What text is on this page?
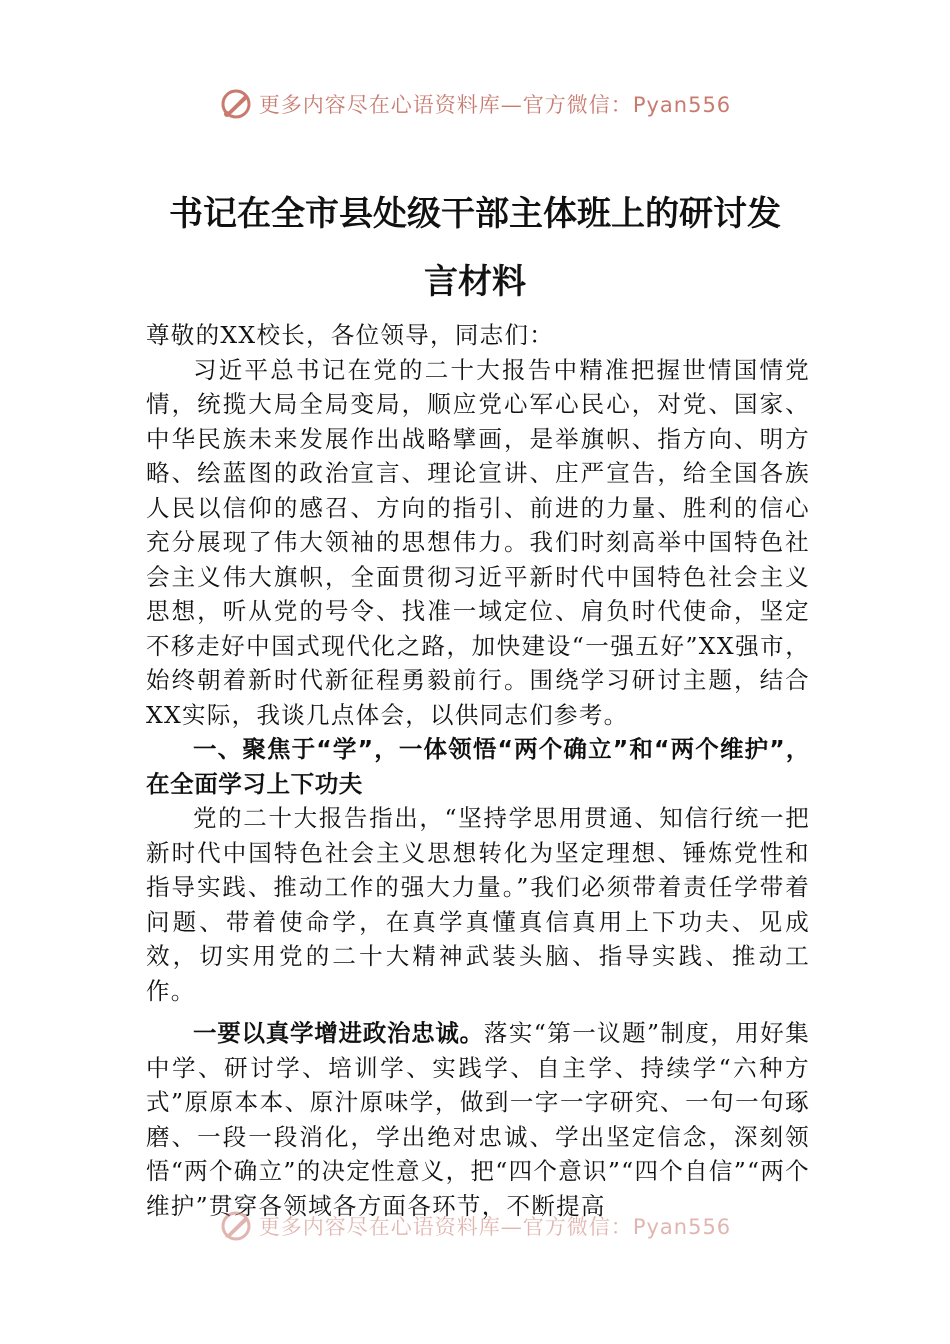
更多内容尽在心语资料库—官方微信：Pyan556
书记在全市县处级干部主体班上的研讨发
言材料

尊敬的XX校长，各位领导，同志们：

习近平总书记在党的二十大报告中精准把握世情国情党情，统揽大局全局变局，顺应党心军心民心，对党、国家、中华民族未来发展作出战略擘画，是举旗帜、指方向、明方略、绘蓝图的政治宣言、理论宣讲、庄严宣告，给全国各族人民以信仰的感召、方向的指引、前进的力量、胜利的信心充分展现了伟大领袖的思想伟力。我们时刻高举中国特色社会主义伟大旗帜，全面贯彻习近平新时代中国特色社会主义思想，听从党的号令、找准一域定位、肩负时代使命，坚定不移走好中国式现代化之路，加快建设“一强五好”XX强市，始终朝着新时代新征程勇毅前行。围绕学习研讨主题，结合XX实际，我谈几点体会，以供同志们参考。

一、聚焦于“学”，一体领悟“两个确立”和“两个维护”，在全面学习上下功夫

党的二十大报告指出，“坚持学思用贯通、知信行统一把新时代中国特色社会主义思想转化为坚定理想、锤炼党性和指导实践、推动工作的强大力量。”我们必须带着责任学带着问题、带着使命学，在真学真懂真信真用上下功夫、见成效，切实用党的二十大精神武装头脑、指导实践、推动工作。

一要以真学增进政治忠诚。落实“第一议题”制度，用好集中学、研讨学、培训学、实践学、自主学、持续学“六种方式”原原本本、原汁原味学，做到一字一字研究、一句一句琢磨、一段一段消化，学出绝对忠诚、学出坚定信念，深刻领悟“两个确立”的决定性意义，把“四个意识”“四个自信”“两个维护”贯穿各领域各方面各环节，不断提高

更多内容尽在心语资料库—官方微信：Pyan556
